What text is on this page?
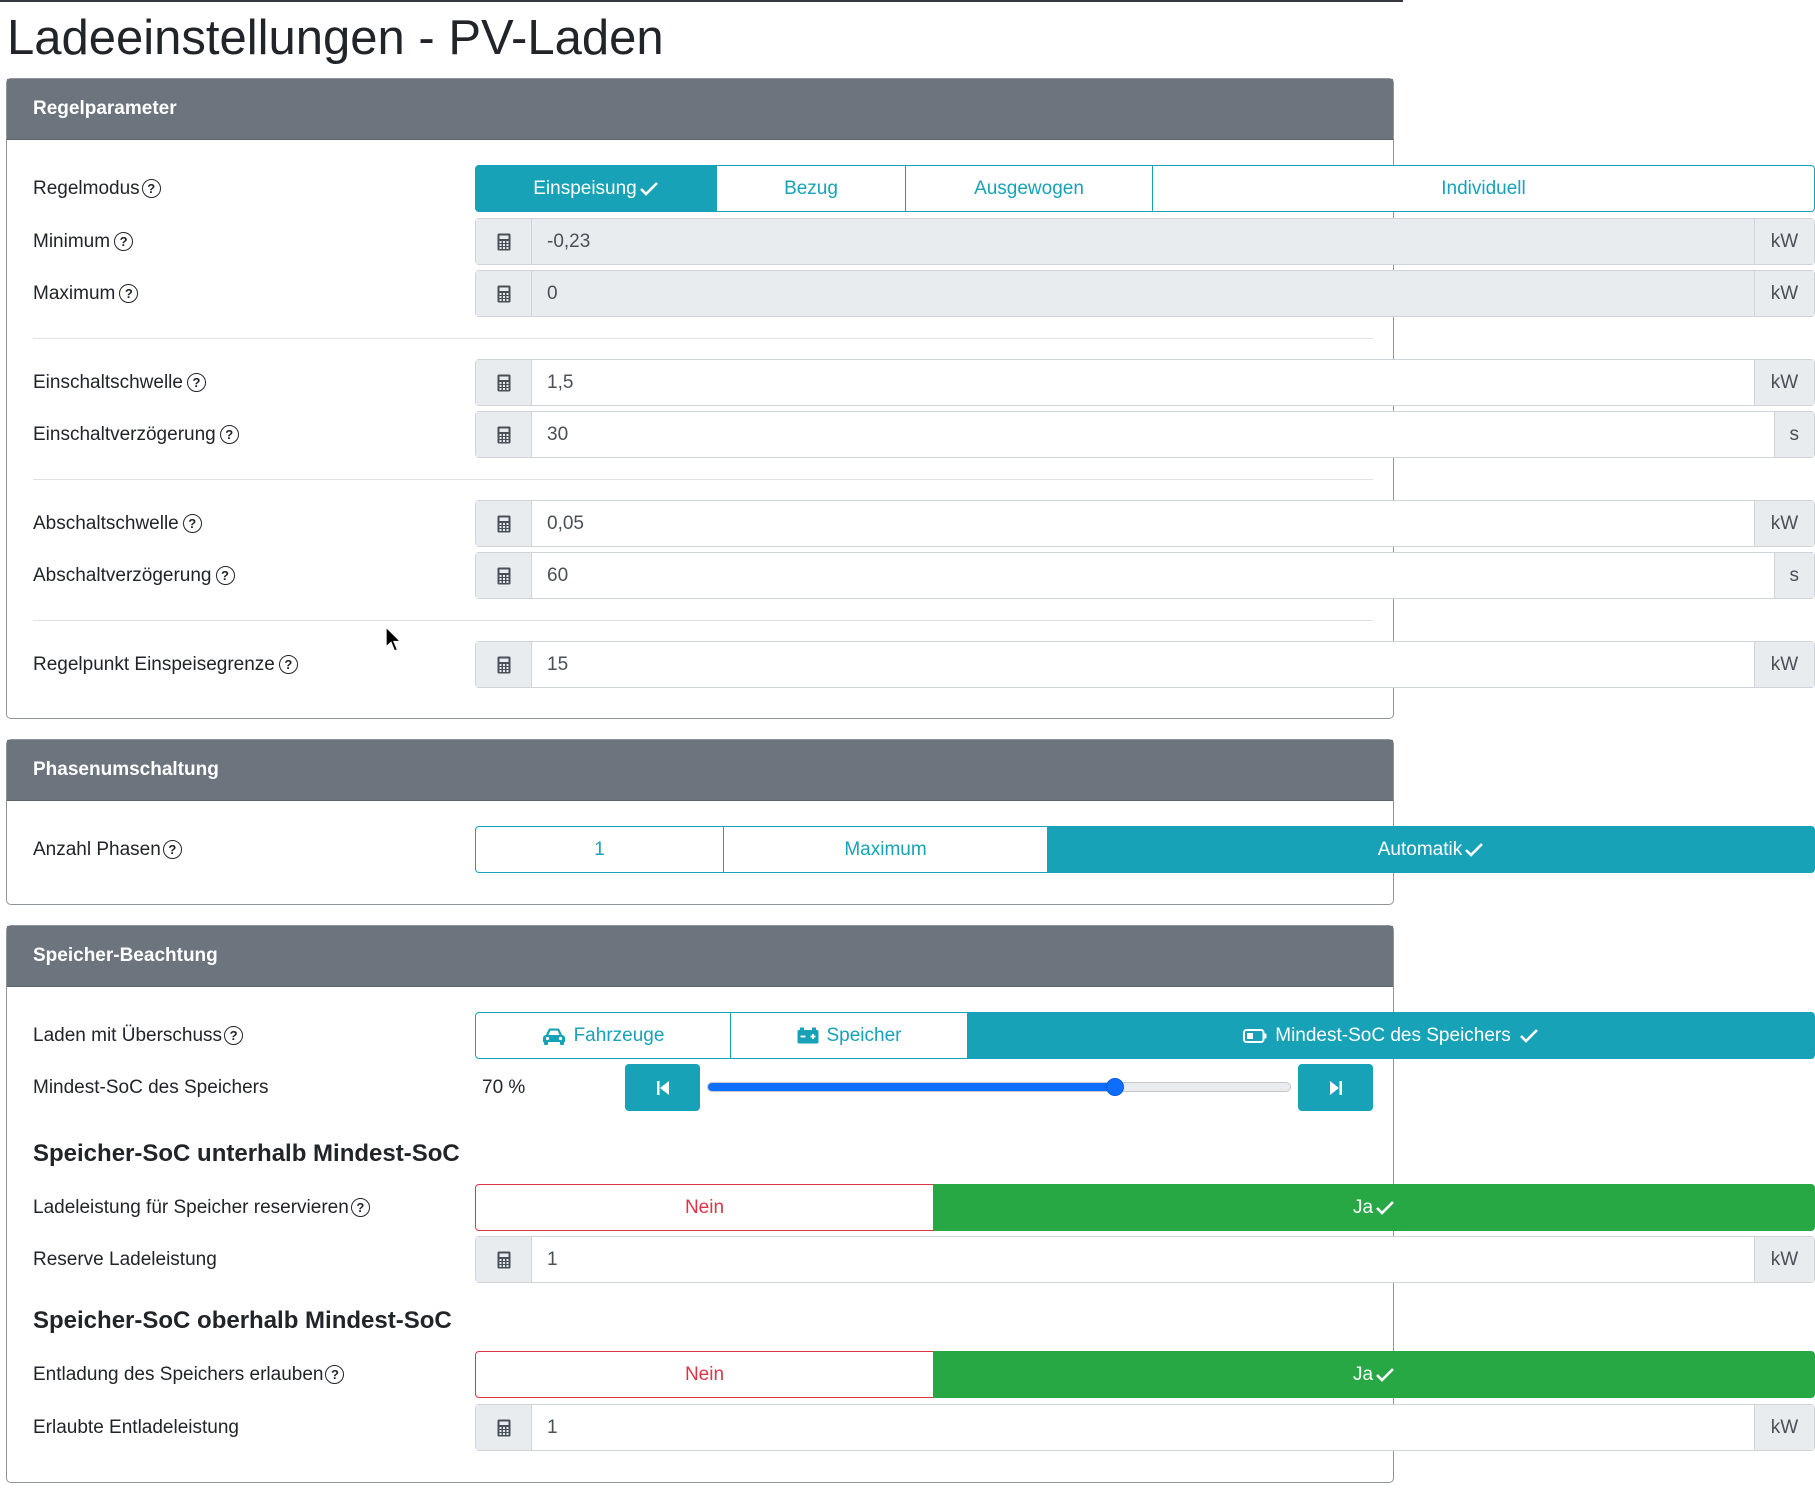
Ladeeinstellungen - PV-Laden
Regelparameter
Regelmodus ?	Einspeisung	Bezug	Ausgewogen	Individuell
Minimum ?	-0,23	kW
Maximum ?	0	kW
Einschaltschwelle ?	1,5	kW
Einschaltverzögerung ?	30	s
Abschaltschwelle ?	0,05	kW
Abschaltverzögerung ?	60	s
Regelpunkt Einspeisegrenze ?	15	kW
Phasenumschaltung
Anzahl Phasen ?	1	Maximum	Automatik
Speicher-Beachtung
Laden mit Überschuss ?	Fahrzeuge	Speicher	Mindest-SoC des Speichers
Mindest-SoC des Speichers	70 %
Speicher-SoC unterhalb Mindest-SoC
Ladeleistung für Speicher reservieren ?	Nein	Ja
Reserve Ladeleistung	1	kW
Speicher-SoC oberhalb Mindest-SoC
Entladung des Speichers erlauben ?	Nein	Ja
Erlaubte Entladeleistung	1	kW
